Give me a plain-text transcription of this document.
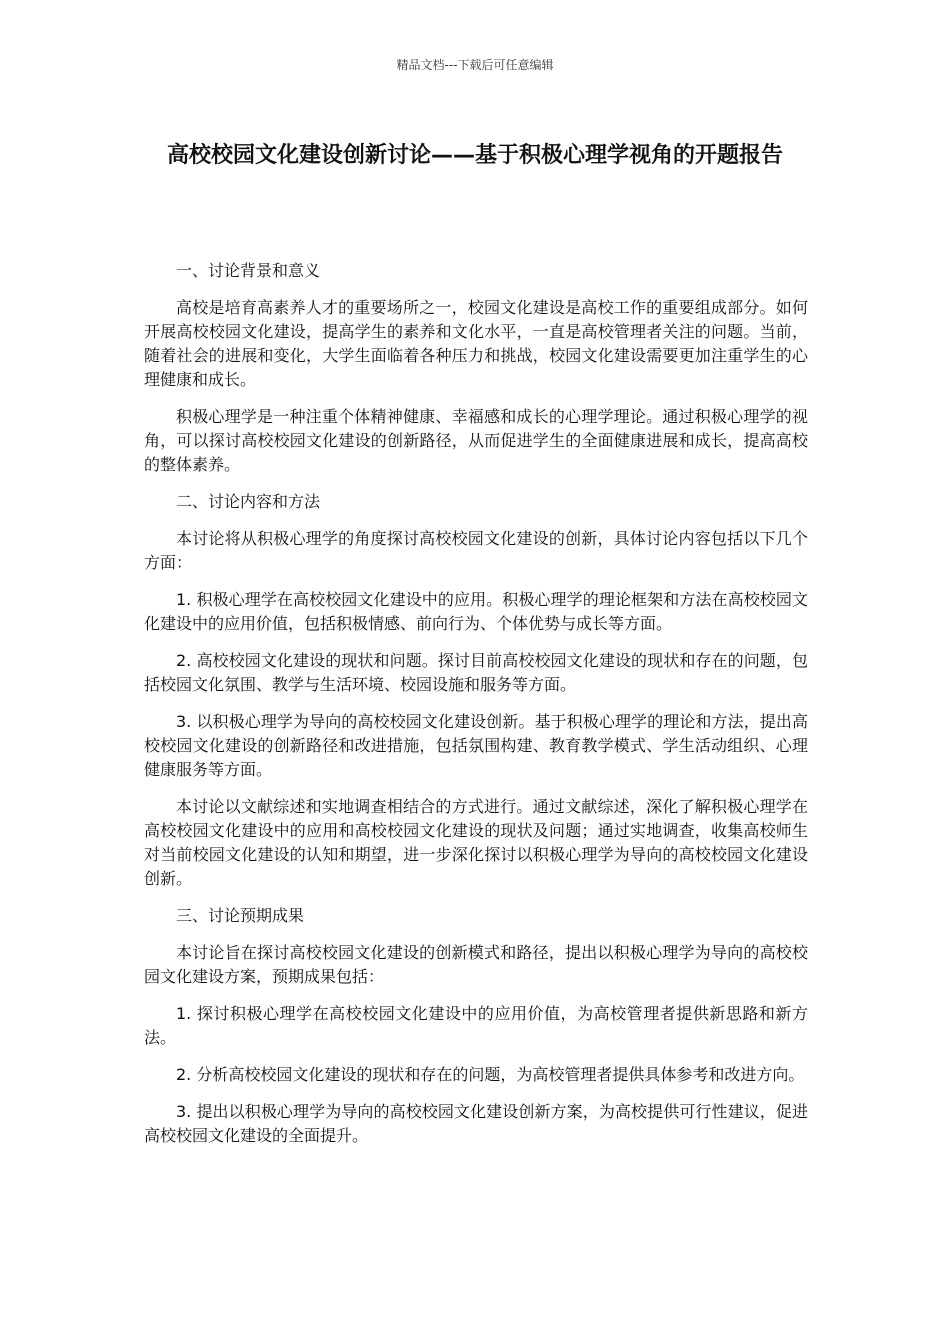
精品文档---下载后可任意编辑
高校校园文化建设创新讨论——基于积极心理学视角的开题报告

一、讨论背景和意义

高校是培育高素养人才的重要场所之一，校园文化建设是高校工作的重要组成部分。如何开展高校校园文化建设，提高学生的素养和文化水平，一直是高校管理者关注的问题。当前，随着社会的进展和变化，大学生面临着各种压力和挑战，校园文化建设需要更加注重学生的心理健康和成长。

积极心理学是一种注重个体精神健康、幸福感和成长的心理学理论。通过积极心理学的视角，可以探讨高校校园文化建设的创新路径，从而促进学生的全面健康进展和成长，提高高校的整体素养。

二、讨论内容和方法

本讨论将从积极心理学的角度探讨高校校园文化建设的创新，具体讨论内容包括以下几个方面：

1. 积极心理学在高校校园文化建设中的应用。积极心理学的理论框架和方法在高校校园文化建设中的应用价值，包括积极情感、前向行为、个体优势与成长等方面。

2. 高校校园文化建设的现状和问题。探讨目前高校校园文化建设的现状和存在的问题，包括校园文化氛围、教学与生活环境、校园设施和服务等方面。

3. 以积极心理学为导向的高校校园文化建设创新。基于积极心理学的理论和方法，提出高校校园文化建设的创新路径和改进措施，包括氛围构建、教育教学模式、学生活动组织、心理健康服务等方面。

本讨论以文献综述和实地调查相结合的方式进行。通过文献综述，深化了解积极心理学在高校校园文化建设中的应用和高校校园文化建设的现状及问题；通过实地调查，收集高校师生对当前校园文化建设的认知和期望，进一步深化探讨以积极心理学为导向的高校校园文化建设创新。

三、讨论预期成果

本讨论旨在探讨高校校园文化建设的创新模式和路径，提出以积极心理学为导向的高校校园文化建设方案，预期成果包括：

1. 探讨积极心理学在高校校园文化建设中的应用价值，为高校管理者提供新思路和新方法。

2. 分析高校校园文化建设的现状和存在的问题，为高校管理者提供具体参考和改进方向。

3. 提出以积极心理学为导向的高校校园文化建设创新方案，为高校提供可行性建议，促进高校校园文化建设的全面提升。
